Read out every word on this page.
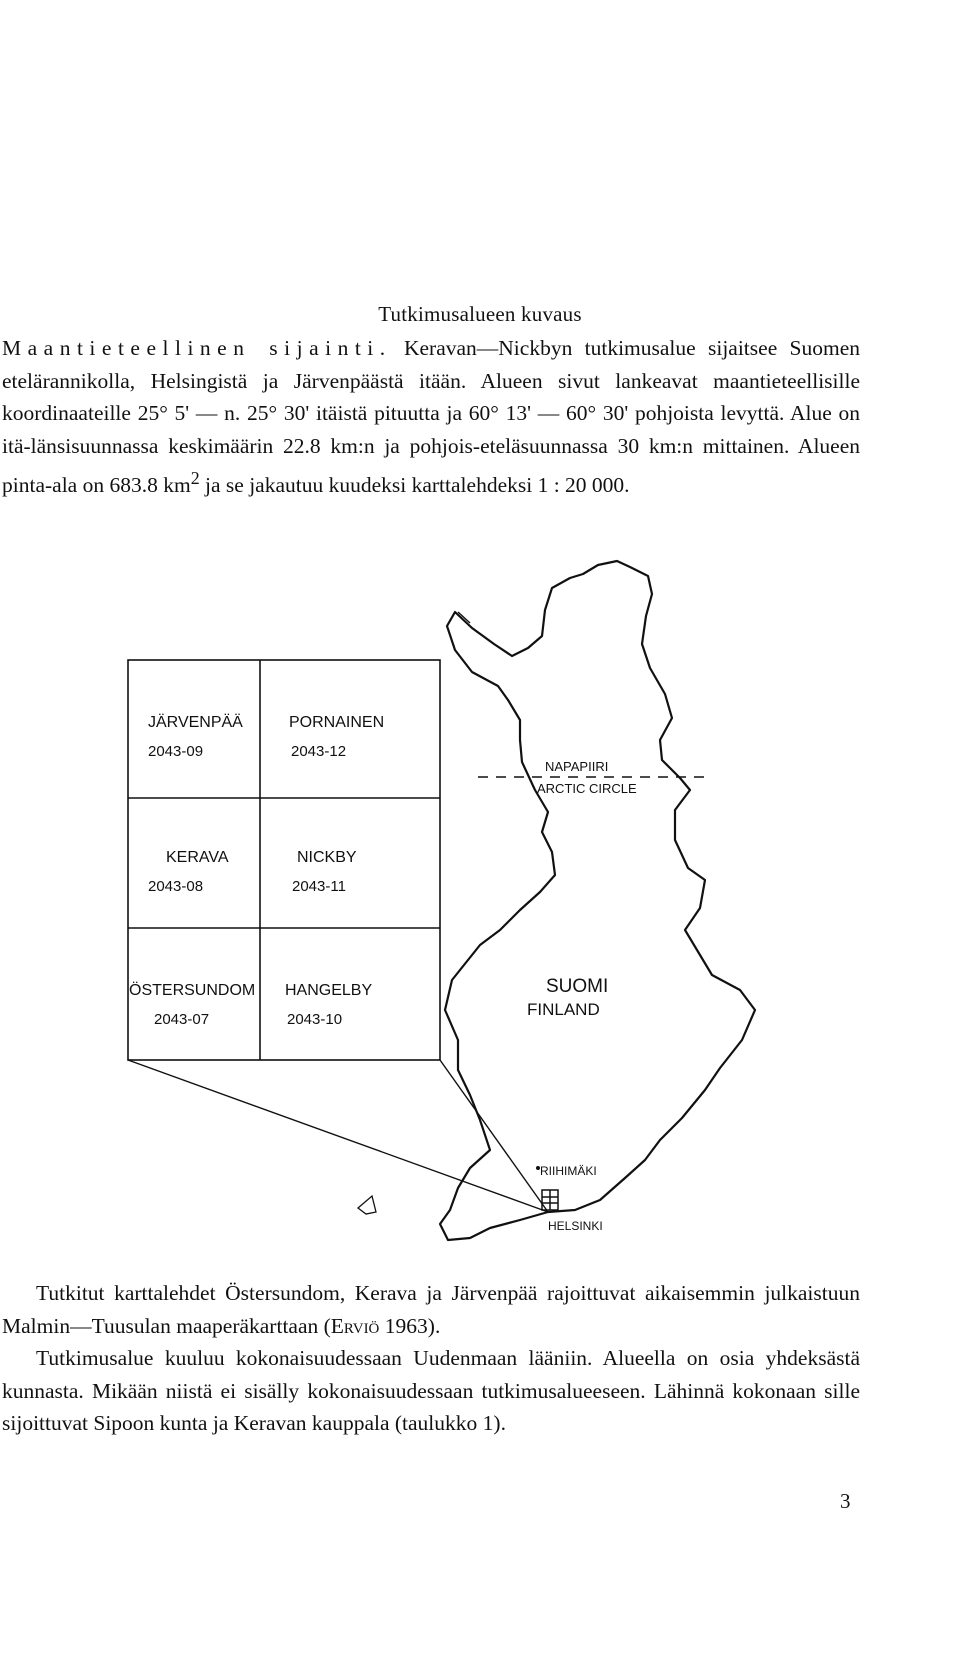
Tutkimusalueen kuvaus
Maantieteellinen sijainti. Keravan—Nickbyn tutkimusalue sijaitsee Suomen etelärannikolla, Helsingistä ja Järvenpäästä itään. Alueen sivut lankeavat maantieteellisille koordinaateille 25° 5' — n. 25° 30' itäistä pituutta ja 60° 13' — 60° 30' pohjoista levyttä. Alue on itä-länsisuunnassa keskimäärin 22.8 km:n ja pohjois-eteläsuunnassa 30 km:n mittainen. Alueen pinta-ala on 683.8 $km^2$ ja se jakautuu kuudeksi karttalehdeksi 1 : 20 000.
JÄRVENPÄÄ
2043-09
PORNAINEN
2043-12
KERAVA
2043-08
NICKBY
2043-11
ÖSTERSUNDOM
2043-07
HANGELBY
2043-10
NAPAPIIRI
ARCTIC CIRCLE
SUOMI
FINLAND
RIIHIMÄKI
HELSINKI
Tutkitut karttalehdet Östersundom, Kerava ja Järvenpää rajoittuvat aikaisemmin julkaistuun Malmin—Tuusulan maaperäkarttaan (Erviö 1963).
Tutkimusalue kuuluu kokonaisuudessaan Uudenmaan lääniin. Alueella on osia yhdeksästä kunnasta. Mikään niistä ei sisälly kokonaisuudessaan tutkimusalueeseen. Lähinnä kokonaan sille sijoittuvat Sipoon kunta ja Keravan kauppala (taulukko 1).
3
